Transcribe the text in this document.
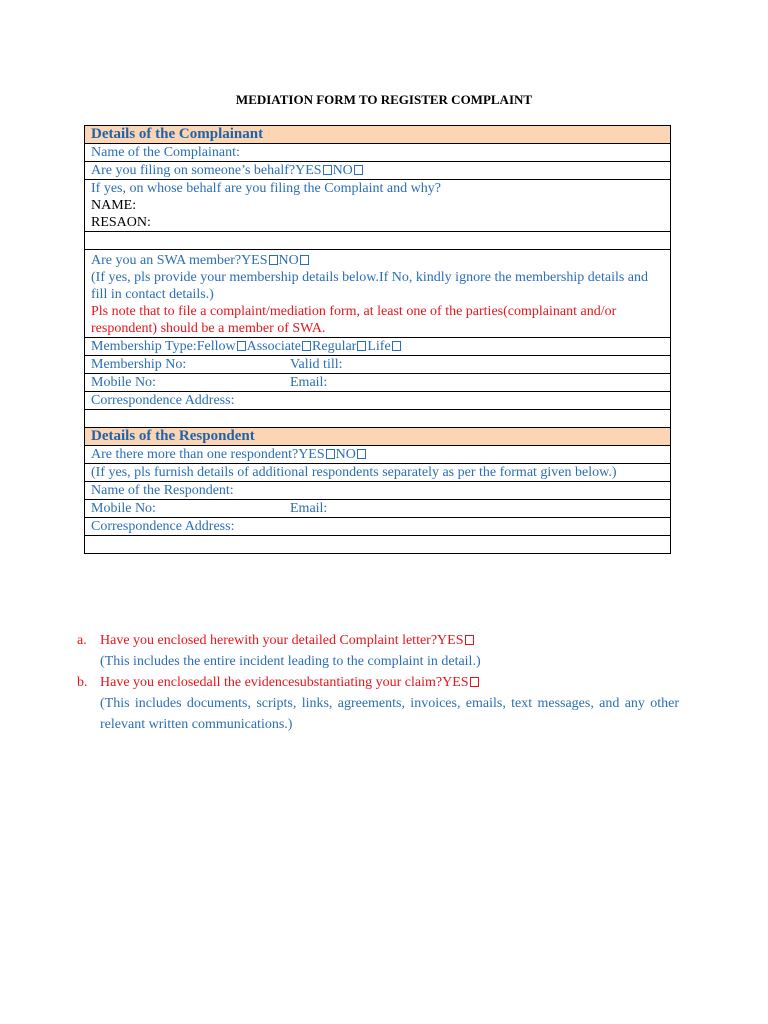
MEDIATION FORM TO REGISTER COMPLAINT
Details of the Complainant
Name of the Complainant:
Are you filing on someone’s behalf?YES NO

If yes, on whose behalf are you filing the Complaint and why?
NAME:
RESAON:

Are you an SWA member?YES NO
(If yes, pls provide your membership details below.If No, kindly ignore the membership details and fill in contact details.)
Pls note that to file a complaint/mediation form, at least one of the parties(complainant and/or respondent) should be a member of SWA.

Membership Type:Fellow Associate Regular Life
Membership No:	Valid till:

Mobile No:	Email:

Correspondence Address:

Details of the Respondent
Are there more than one respondent?YES NO
(If yes, pls furnish details of additional respondents separately as per the format given below.)
Name of the Respondent:
Mobile No:	Email:

Correspondence Address:

a. Have you enclosed herewith your detailed Complaint letter?YES
(This includes the entire incident leading to the complaint in detail.)
b. Have you enclosedall the evidencesubstantiating your claim?YES
(This includes documents, scripts, links, agreements, invoices, emails, text messages, and any other relevant written communications.)
